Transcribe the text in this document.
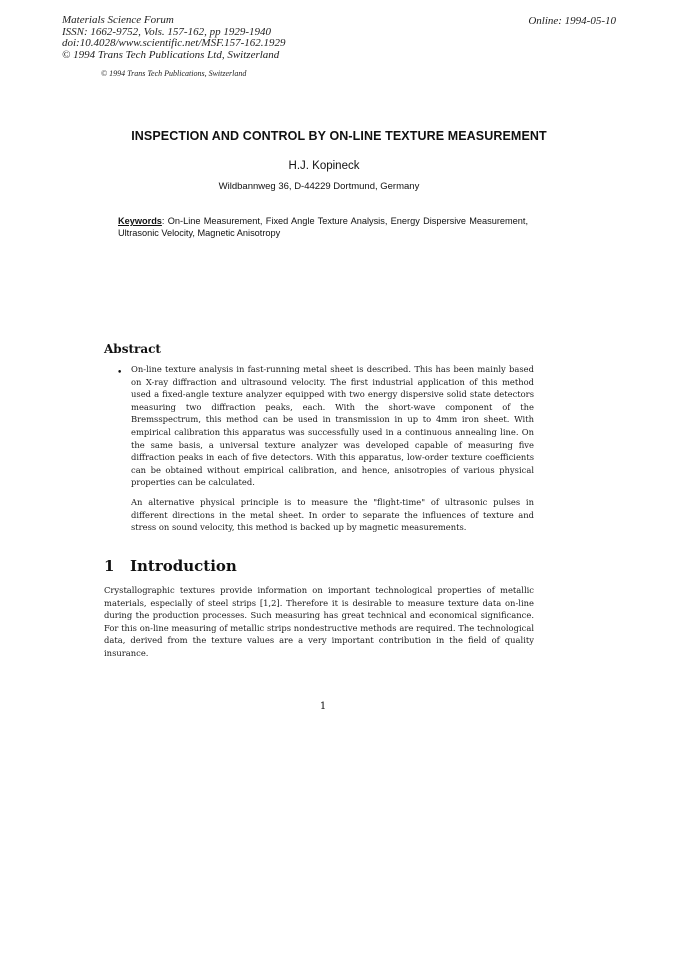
Materials Science Forum
ISSN: 1662-9752, Vols. 157-162, pp 1929-1940
doi:10.4028/www.scientific.net/MSF.157-162.1929
© 1994 Trans Tech Publications Ltd, Switzerland
Online: 1994-05-10
© 1994 Trans Tech Publications, Switzerland
INSPECTION AND CONTROL BY ON-LINE TEXTURE MEASUREMENT
H.J. Kopineck
Wildbannweg 36, D-44229 Dortmund, Germany
Keywords: On-Line Measurement, Fixed Angle Texture Analysis, Energy Dispersive Measurement, Ultrasonic Velocity, Magnetic Anisotropy
Abstract
• On-line texture analysis in fast-running metal sheet is described. This has been mainly based on X-ray diffraction and ultrasound velocity. The first industrial application of this method used a fixed-angle texture analyzer equipped with two energy dispersive solid state detectors measuring two diffraction peaks, each. With the short-wave component of the Bremsspectrum, this method can be used in transmission in up to 4mm iron sheet. With empirical calibration this apparatus was successfully used in a continuous annealing line. On the same basis, a universal texture analyzer was developed capable of measuring five diffraction peaks in each of five detectors. With this apparatus, low-order texture coefficients can be obtained without empirical calibration, and hence, anisotropies of various physical properties can be calculated.
An alternative physical principle is to measure the "flight-time" of ultrasonic pulses in different directions in the metal sheet. In order to separate the influences of texture and stress on sound velocity, this method is backed up by magnetic measurements.
1 Introduction
Crystallographic textures provide information on important technological properties of metallic materials, especially of steel strips [1,2]. Therefore it is desirable to measure texture data on-line during the production processes. Such measuring has great technical and economical significance. For this on-line measuring of metallic strips nondestructive methods are required. The technological data, derived from the texture values are a very important contribution in the field of quality insurance.
1
